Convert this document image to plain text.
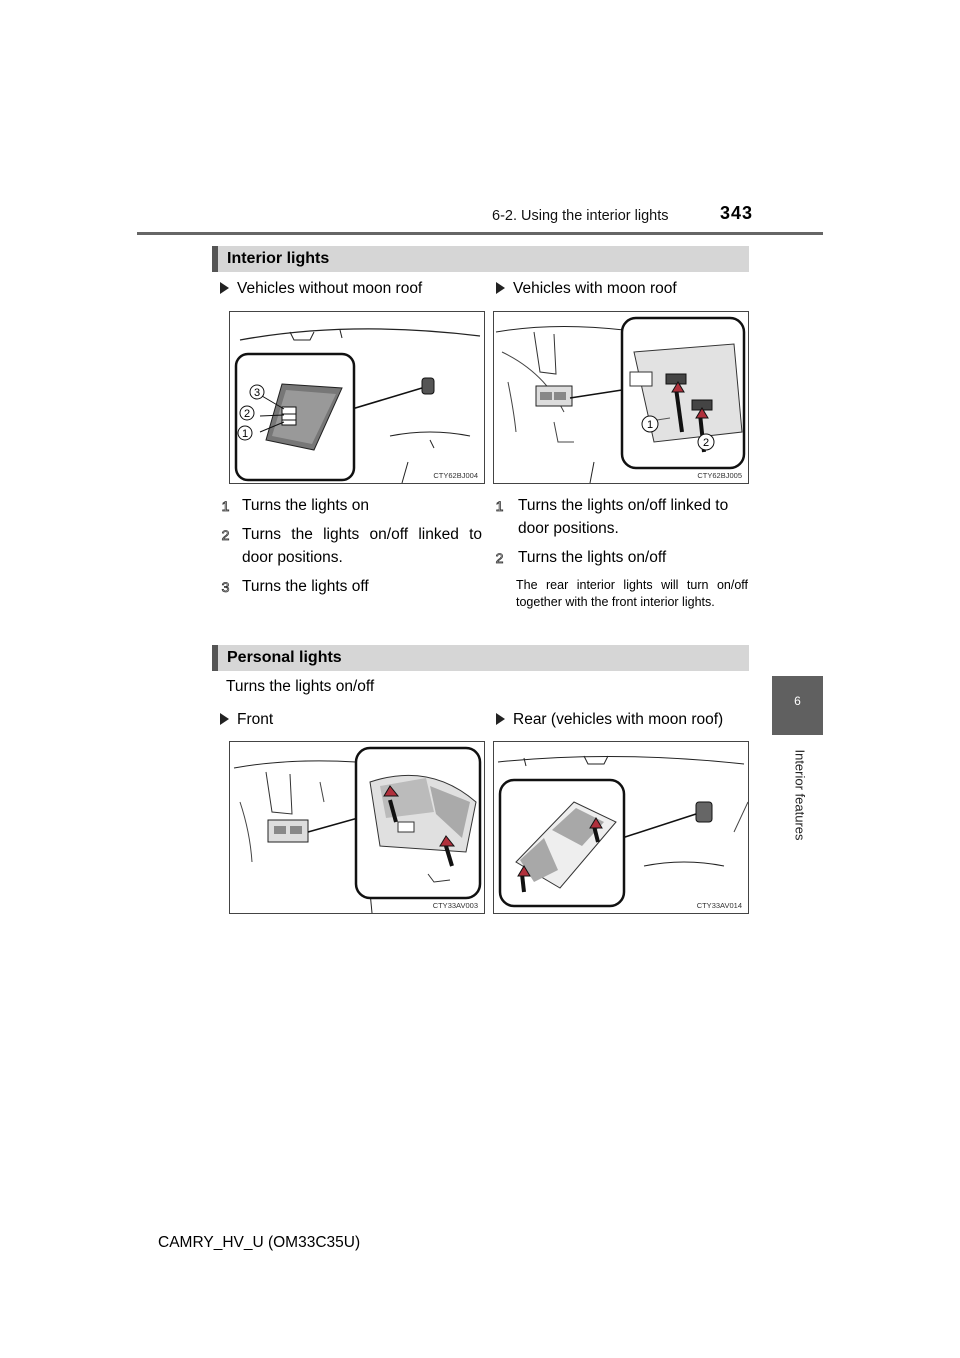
6-2. Using the interior lights	343
6
Interior features
Interior lights
Vehicles without moon roof	Vehicles with moon roof
3
2
1
CTY62BJ004
1
2
CTY62BJ005
1 Turns the lights on
2 Turns the lights on/off linked to door positions.
3 Turns the lights off
1 Turns the lights on/off linked to door positions.
2 Turns the lights on/off
The rear interior lights will turn on/off together with the front interior lights.
Personal lights
Turns the lights on/off
Front	Rear (vehicles with moon roof)
CTY33AV003	CTY33AV014
CAMRY_HV_U (OM33C35U)
